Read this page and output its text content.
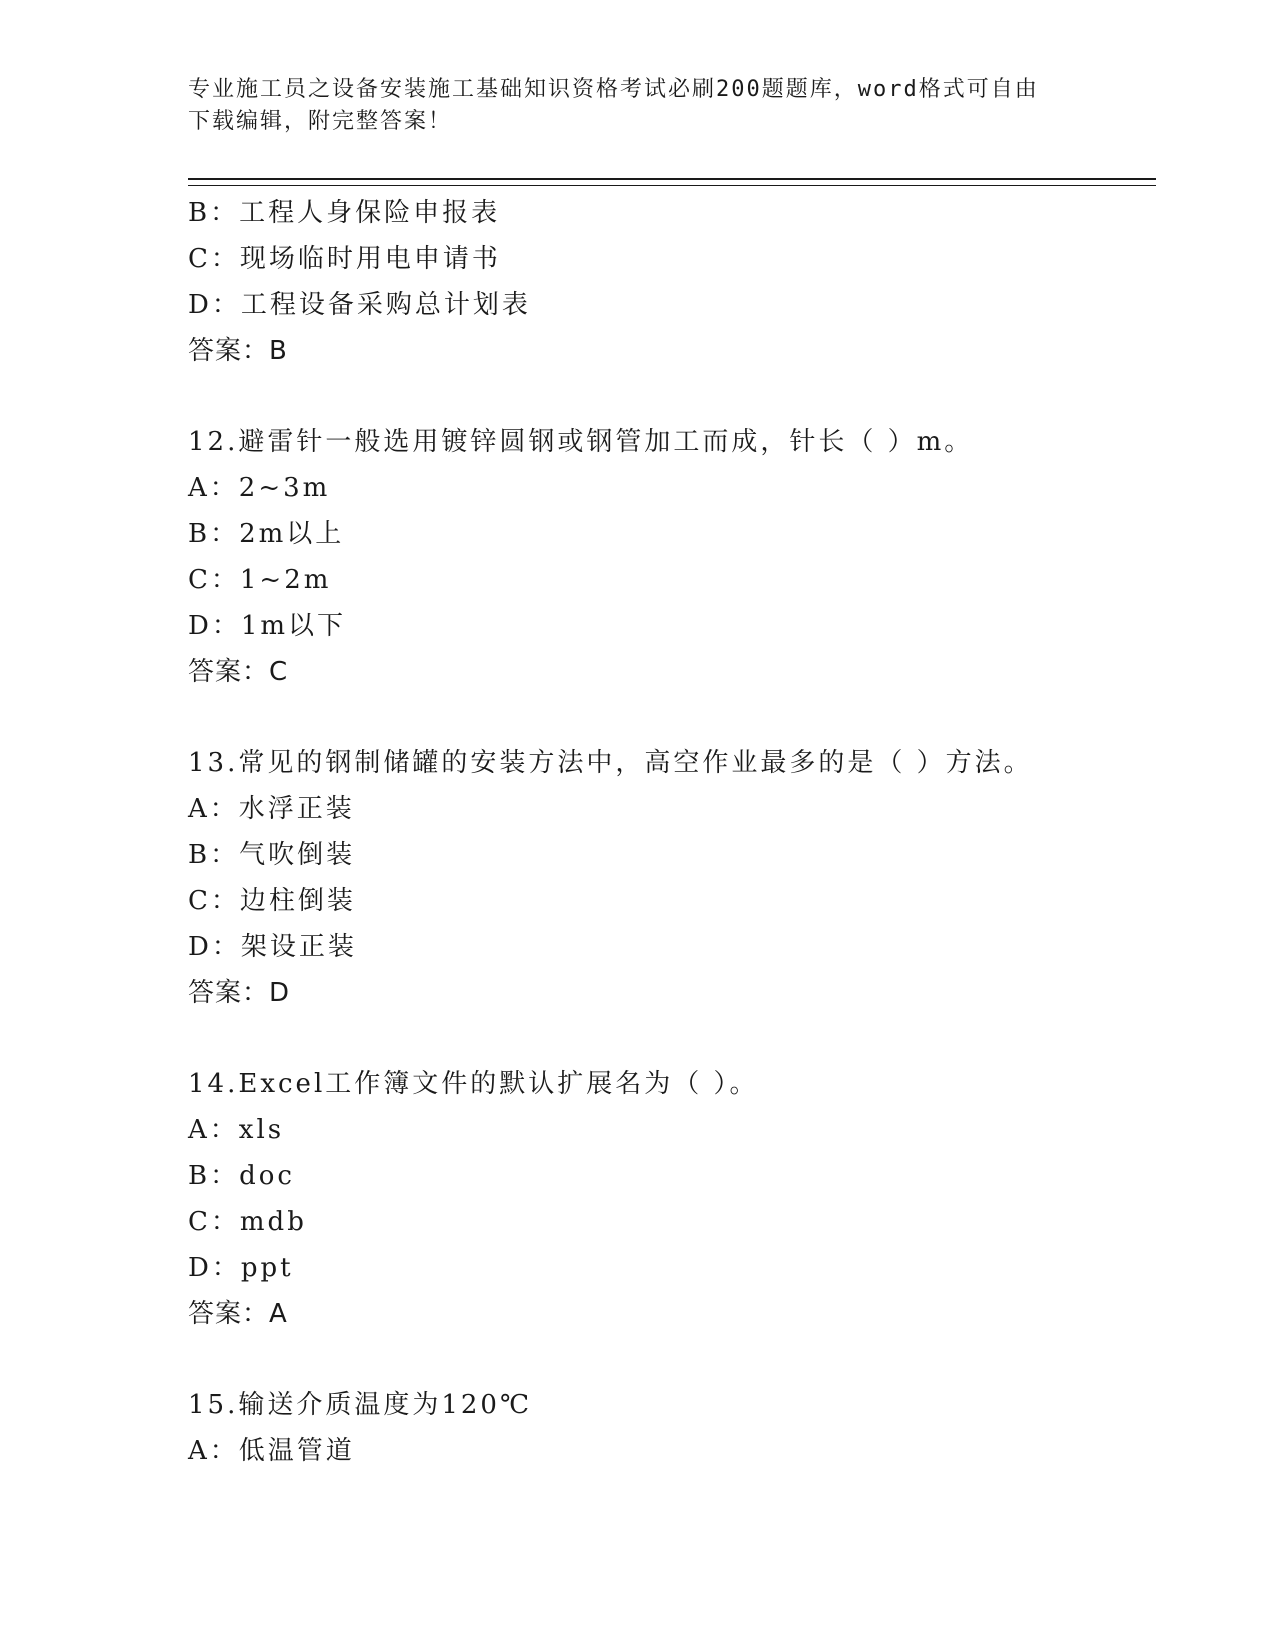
专业施工员之设备安装施工基础知识资格考试必刷200题题库，word格式可自由
下载编辑，附完整答案！
B：工程人身保险申报表
C：现场临时用电申请书
D：工程设备采购总计划表
答案：B
12.避雷针一般选用镀锌圆钢或钢管加工而成，针长（ ）m。
A：2~3m
B：2m以上
C：1~2m
D：1m以下
答案：C
13.常见的钢制储罐的安装方法中，高空作业最多的是（ ）方法。
A：水浮正装
B：气吹倒装
C：边柱倒装
D：架设正装
答案：D
14.Excel工作簿文件的默认扩展名为（ ）。
A：xls
B：doc
C：mdb
D：ppt
答案：A
15.输送介质温度为120℃
A：低温管道
